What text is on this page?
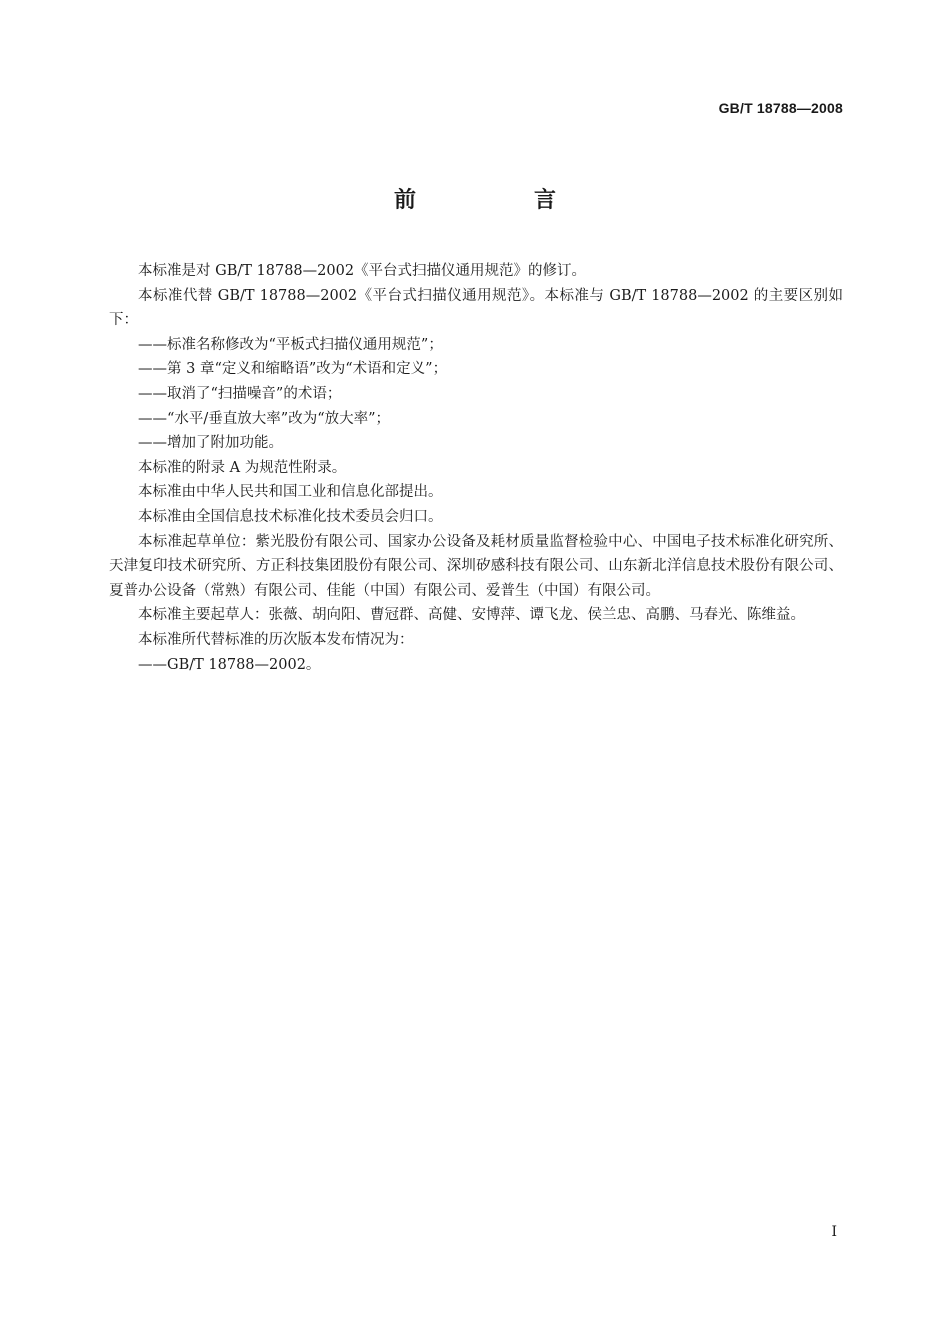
GB/T 18788—2008
前　言

本标准是对 GB/T 18788—2002《平台式扫描仪通用规范》的修订。

本标准代替 GB/T 18788—2002《平台式扫描仪通用规范》。本标准与 GB/T 18788—2002 的主要区别如下：

——标准名称修改为“平板式扫描仪通用规范”；

——第 3 章“定义和缩略语”改为“术语和定义”；

——取消了“扫描噪音”的术语；

——“水平/垂直放大率”改为“放大率”；

——增加了附加功能。

本标准的附录 A 为规范性附录。

本标准由中华人民共和国工业和信息化部提出。

本标准由全国信息技术标准化技术委员会归口。

本标准起草单位：紫光股份有限公司、国家办公设备及耗材质量监督检验中心、中国电子技术标准化研究所、天津复印技术研究所、方正科技集团股份有限公司、深圳矽感科技有限公司、山东新北洋信息技术股份有限公司、夏普办公设备（常熟）有限公司、佳能（中国）有限公司、爱普生（中国）有限公司。

本标准主要起草人：张薇、胡向阳、曹冠群、高健、安博萍、谭飞龙、侯兰忠、高鹏、马春光、陈维益。

本标准所代替标准的历次版本发布情况为：

——GB/T 18788—2002。

I
